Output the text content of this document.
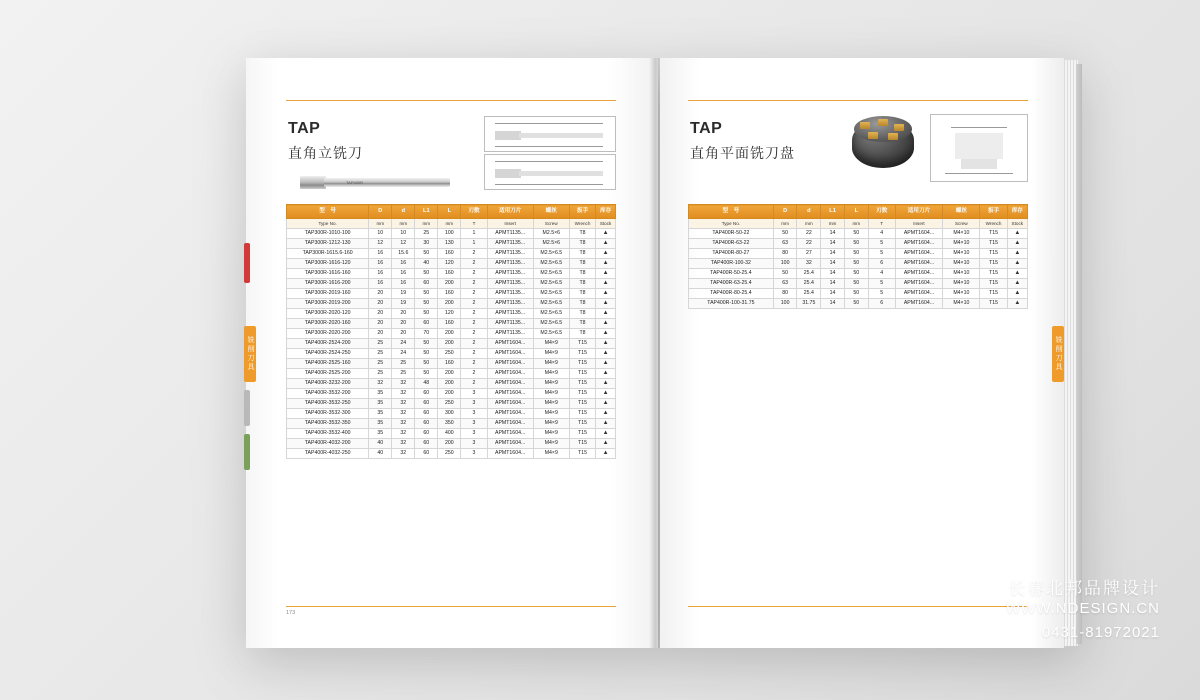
TAP
直角立铣刀
TAP400R
型　号	D	d	L1	L	刃数	适用刀片	螺丝	扳手	库存
Type No.	mm	mm	mm	mm	T	Insert	Screw	Wrench	Stock
TAP300R-1010-100	10	10	25	100	1	APMT1135...	M2.5×6	T8	▲
TAP300R-1212-130	12	12	30	130	1	APMT1135...	M2.5×6	T8	▲
TAP300R-1615.6-160	16	15.6	50	160	2	APMT1135...	M2.5×6.5	T8	▲
TAP300R-1616-120	16	16	40	120	2	APMT1135...	M2.5×6.5	T8	▲
TAP300R-1616-160	16	16	50	160	2	APMT1135...	M2.5×6.5	T8	▲
TAP300R-1616-200	16	16	60	200	2	APMT1135...	M2.5×6.5	T8	▲
TAP300R-2019-160	20	19	50	160	2	APMT1135...	M2.5×6.5	T8	▲
TAP300R-2019-200	20	19	50	200	2	APMT1135...	M2.5×6.5	T8	▲
TAP300R-2020-120	20	20	50	120	2	APMT1135...	M2.5×6.5	T8	▲
TAP300R-2020-160	20	20	60	160	2	APMT1135...	M2.5×6.5	T8	▲
TAP300R-2020-200	20	20	70	200	2	APMT1135...	M2.5×6.5	T8	▲
TAP400R-2524-200	25	24	50	200	2	APMT1604...	M4×9	T15	▲
TAP400R-2524-250	25	24	50	250	2	APMT1604...	M4×9	T15	▲
TAP400R-2525-160	25	25	50	160	2	APMT1604...	M4×9	T15	▲
TAP400R-2525-200	25	25	50	200	2	APMT1604...	M4×9	T15	▲
TAP400R-3232-200	32	32	48	200	2	APMT1604...	M4×9	T15	▲
TAP400R-3532-200	35	32	60	200	3	APMT1604...	M4×9	T15	▲
TAP400R-3532-250	35	32	60	250	3	APMT1604...	M4×9	T15	▲
TAP400R-3532-300	35	32	60	300	3	APMT1604...	M4×9	T15	▲
TAP400R-3532-350	35	32	60	350	3	APMT1604...	M4×9	T15	▲
TAP400R-3532-400	35	32	60	400	3	APMT1604...	M4×9	T15	▲
TAP400R-4032-200	40	32	60	200	3	APMT1604...	M4×9	T15	▲
TAP400R-4032-250	40	32	60	250	3	APMT1604...	M4×9	T15	▲
173
铣削刀具
TAP
直角平面铣刀盘
型　号	D	d	L1	L	刃数	适用刀片	螺丝	扳手	库存
Type No.	mm	mm	mm	mm	T	Insert	Screw	Wrench	Stock
TAP400R-50-22	50	22	14	50	4	APMT1604...	M4×10	T15	▲
TAP400R-63-22	63	22	14	50	5	APMT1604...	M4×10	T15	▲
TAP400R-80-27	80	27	14	50	5	APMT1604...	M4×10	T15	▲
TAP400R-100-32	100	32	14	50	6	APMT1604...	M4×10	T15	▲
TAP400R-50-25.4	50	25.4	14	50	4	APMT1604...	M4×10	T15	▲
TAP400R-63-25.4	63	25.4	14	50	5	APMT1604...	M4×10	T15	▲
TAP400R-80-25.4	80	25.4	14	50	5	APMT1604...	M4×10	T15	▲
TAP400R-100-31.75	100	31.75	14	50	6	APMT1604...	M4×10	T15	▲
铣削刀具
长春北邦品牌设计
WWW.NDESIGN.CN
0431-81972021
